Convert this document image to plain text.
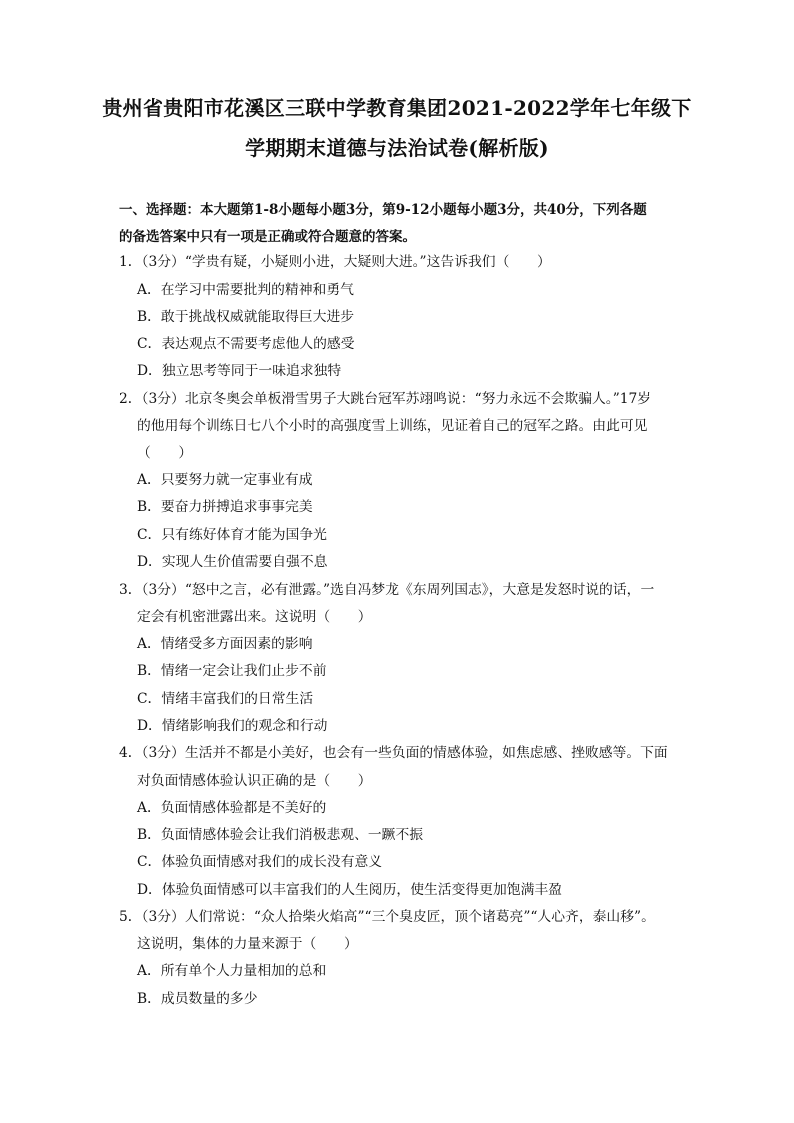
贵州省贵阳市花溪区三联中学教育集团2021-2022学年七年级下
学期期末道德与法治试卷(解析版)
一、选择题：本大题第1-8小题每小题3分，第9-12小题每小题3分，共40分，下列各题
的备选答案中只有一项是正确或符合题意的答案。
1．（3分）“学贵有疑，小疑则小进，大疑则大进。”这告诉我们（　　）
A．在学习中需要批判的精神和勇气
B．敢于挑战权威就能取得巨大进步
C．表达观点不需要考虑他人的感受
D．独立思考等同于一味追求独特
2．（3分）北京冬奥会单板滑雪男子大跳台冠军苏翊鸣说：“努力永远不会欺骗人。”17岁
的他用每个训练日七八个小时的高强度雪上训练，见证着自己的冠军之路。由此可见
（　　）
A．只要努力就一定事业有成
B．要奋力拼搏追求事事完美
C．只有练好体育才能为国争光
D．实现人生价值需要自强不息
3．（3分）“怒中之言，必有泄露。”选自冯梦龙《东周列国志》，大意是发怒时说的话，一
定会有机密泄露出来。这说明（　　）
A．情绪受多方面因素的影响
B．情绪一定会让我们止步不前
C．情绪丰富我们的日常生活
D．情绪影响我们的观念和行动
4．（3分）生活并不都是小美好，也会有一些负面的情感体验，如焦虑感、挫败感等。下面
对负面情感体验认识正确的是（　　）
A．负面情感体验都是不美好的
B．负面情感体验会让我们消极悲观、一蹶不振
C．体验负面情感对我们的成长没有意义
D．体验负面情感可以丰富我们的人生阅历，使生活变得更加饱满丰盈
5．（3分）人们常说：“众人拾柴火焰高”“三个臭皮匠，顶个诸葛亮”“人心齐，泰山移”。
这说明，集体的力量来源于（　　）
A．所有单个人力量相加的总和
B．成员数量的多少
